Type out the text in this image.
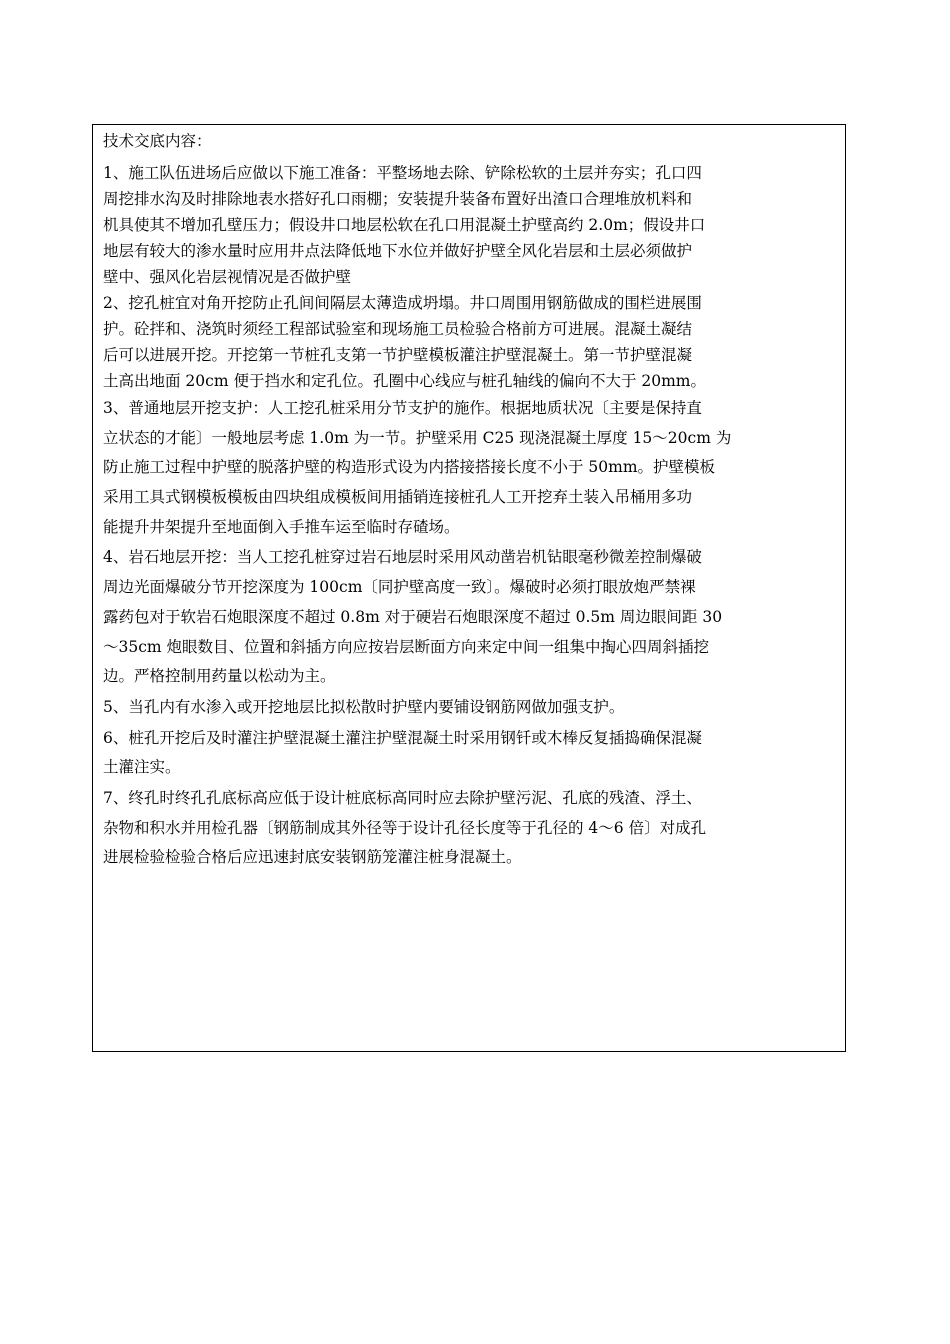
技术交底内容：

1、施工队伍进场后应做以下施工准备：平整场地去除、铲除松软的土层并夯实；孔口四
周挖排水沟及时排除地表水搭好孔口雨棚；安装提升装备布置好出渣口合理堆放机料和
机具使其不增加孔壁压力；假设井口地层松软在孔口用混凝土护壁高约 2.0m；假设井口
地层有较大的渗水量时应用井点法降低地下水位并做好护壁全风化岩层和土层必须做护
壁中、强风化岩层视情况是否做护壁

2、挖孔桩宜对角开挖防止孔间间隔层太薄造成坍塌。井口周围用钢筋做成的围栏进展围
护。砼拌和、浇筑时须经工程部试验室和现场施工员检验合格前方可进展。混凝土凝结
后可以进展开挖。开挖第一节桩孔支第一节护壁模板灌注护壁混凝土。第一节护壁混凝
土高出地面 20cm 便于挡水和定孔位。孔圈中心线应与桩孔轴线的偏向不大于 20mm。

3、普通地层开挖支护：人工挖孔桩采用分节支护的施作。根据地质状况〔主要是保持直
立状态的才能〕一般地层考虑 1.0m 为一节。护壁采用 C25 现浇混凝土厚度 15～20cm 为
防止施工过程中护壁的脱落护壁的构造形式设为内搭接搭接长度不小于 50mm。护壁模板
采用工具式钢模板模板由四块组成模板间用插销连接桩孔人工开挖弃土装入吊桶用多功
能提升井架提升至地面倒入手推车运至临时存碴场。

4、岩石地层开挖：当人工挖孔桩穿过岩石地层时采用风动凿岩机钻眼毫秒微差控制爆破
周边光面爆破分节开挖深度为 100cm〔同护壁高度一致〕。爆破时必须打眼放炮严禁裸
露药包对于软岩石炮眼深度不超过 0.8m 对于硬岩石炮眼深度不超过 0.5m 周边眼间距 30
～35cm 炮眼数目、位置和斜插方向应按岩层断面方向来定中间一组集中掏心四周斜插挖
边。严格控制用药量以松动为主。

5、当孔内有水渗入或开挖地层比拟松散时护壁内要铺设钢筋网做加强支护。

6、桩孔开挖后及时灌注护壁混凝土灌注护壁混凝土时采用钢钎或木棒反复插捣确保混凝
土灌注实。

7、终孔时终孔孔底标高应低于设计桩底标高同时应去除护壁污泥、孔底的残渣、浮土、
杂物和积水并用检孔器〔钢筋制成其外径等于设计孔径长度等于孔径的 4～6 倍〕对成孔
进展检验检验合格后应迅速封底安装钢筋笼灌注桩身混凝土。
